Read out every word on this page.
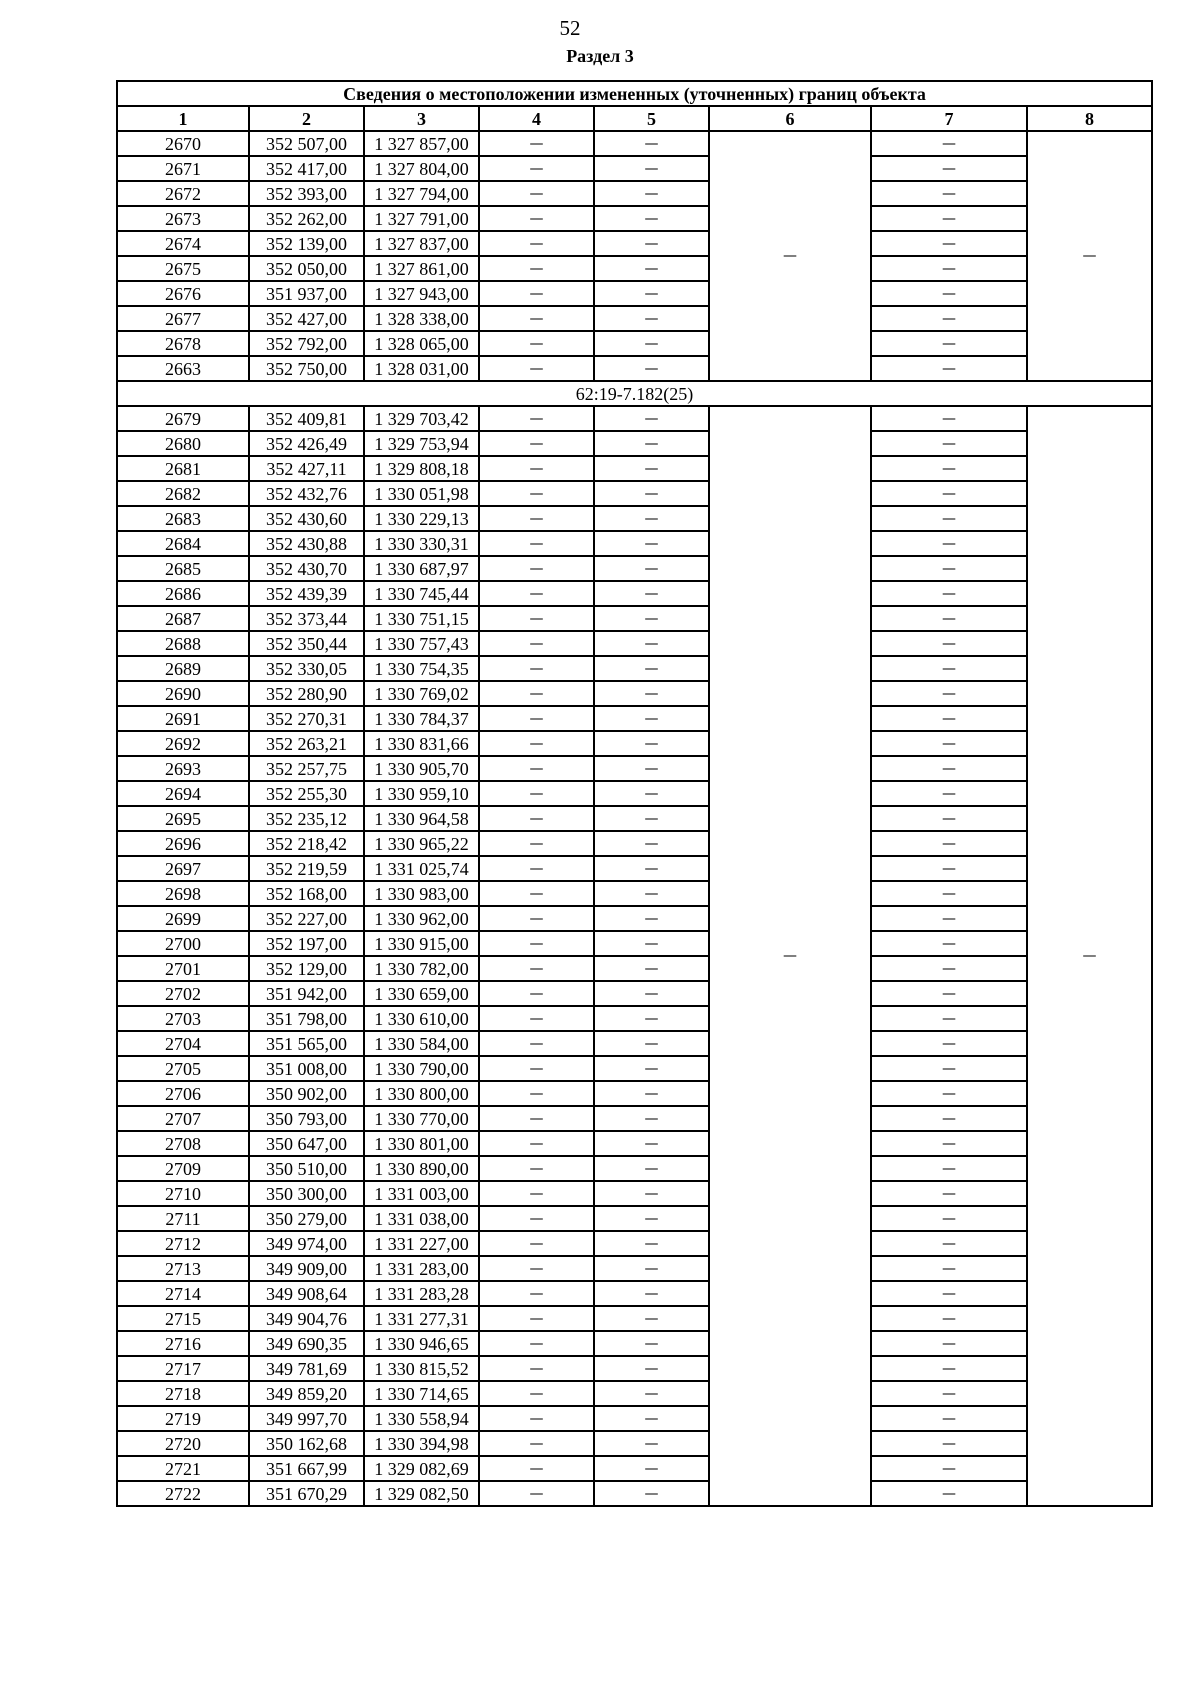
52
Раздел 3
Сведения о местоположении измененных (уточненных) границ объекта							
1	2	3	4	5	6	7	8
2670	352 507,00	1 327 857,00	—	—	—	—	—
2671	352 417,00	1 327 804,00	—	—		—	
2672	352 393,00	1 327 794,00	—	—		—	
2673	352 262,00	1 327 791,00	—	—		—	
2674	352 139,00	1 327 837,00	—	—		—	
2675	352 050,00	1 327 861,00	—	—		—	
2676	351 937,00	1 327 943,00	—	—		—	
2677	352 427,00	1 328 338,00	—	—		—	
2678	352 792,00	1 328 065,00	—	—		—	
2663	352 750,00	1 328 031,00	—	—		—	
62:19-7.182(25)							
2679	352 409,81	1 329 703,42	—	—	—	—	—
2680	352 426,49	1 329 753,94	—	—		—	
2681	352 427,11	1 329 808,18	—	—		—	
2682	352 432,76	1 330 051,98	—	—		—	
2683	352 430,60	1 330 229,13	—	—		—	
2684	352 430,88	1 330 330,31	—	—		—	
2685	352 430,70	1 330 687,97	—	—		—	
2686	352 439,39	1 330 745,44	—	—		—	
2687	352 373,44	1 330 751,15	—	—		—	
2688	352 350,44	1 330 757,43	—	—		—	
2689	352 330,05	1 330 754,35	—	—		—	
2690	352 280,90	1 330 769,02	—	—		—	
2691	352 270,31	1 330 784,37	—	—		—	
2692	352 263,21	1 330 831,66	—	—		—	
2693	352 257,75	1 330 905,70	—	—		—	
2694	352 255,30	1 330 959,10	—	—		—	
2695	352 235,12	1 330 964,58	—	—		—	
2696	352 218,42	1 330 965,22	—	—		—	
2697	352 219,59	1 331 025,74	—	—		—	
2698	352 168,00	1 330 983,00	—	—		—	
2699	352 227,00	1 330 962,00	—	—		—	
2700	352 197,00	1 330 915,00	—	—		—	
2701	352 129,00	1 330 782,00	—	—		—	
2702	351 942,00	1 330 659,00	—	—		—	
2703	351 798,00	1 330 610,00	—	—		—	
2704	351 565,00	1 330 584,00	—	—		—	
2705	351 008,00	1 330 790,00	—	—		—	
2706	350 902,00	1 330 800,00	—	—		—	
2707	350 793,00	1 330 770,00	—	—		—	
2708	350 647,00	1 330 801,00	—	—		—	
2709	350 510,00	1 330 890,00	—	—		—	
2710	350 300,00	1 331 003,00	—	—		—	
2711	350 279,00	1 331 038,00	—	—		—	
2712	349 974,00	1 331 227,00	—	—		—	
2713	349 909,00	1 331 283,00	—	—		—	
2714	349 908,64	1 331 283,28	—	—		—	
2715	349 904,76	1 331 277,31	—	—		—	
2716	349 690,35	1 330 946,65	—	—		—	
2717	349 781,69	1 330 815,52	—	—		—	
2718	349 859,20	1 330 714,65	—	—		—	
2719	349 997,70	1 330 558,94	—	—		—	
2720	350 162,68	1 330 394,98	—	—		—	
2721	351 667,99	1 329 082,69	—	—		—	
2722	351 670,29	1 329 082,50	—	—		—	
